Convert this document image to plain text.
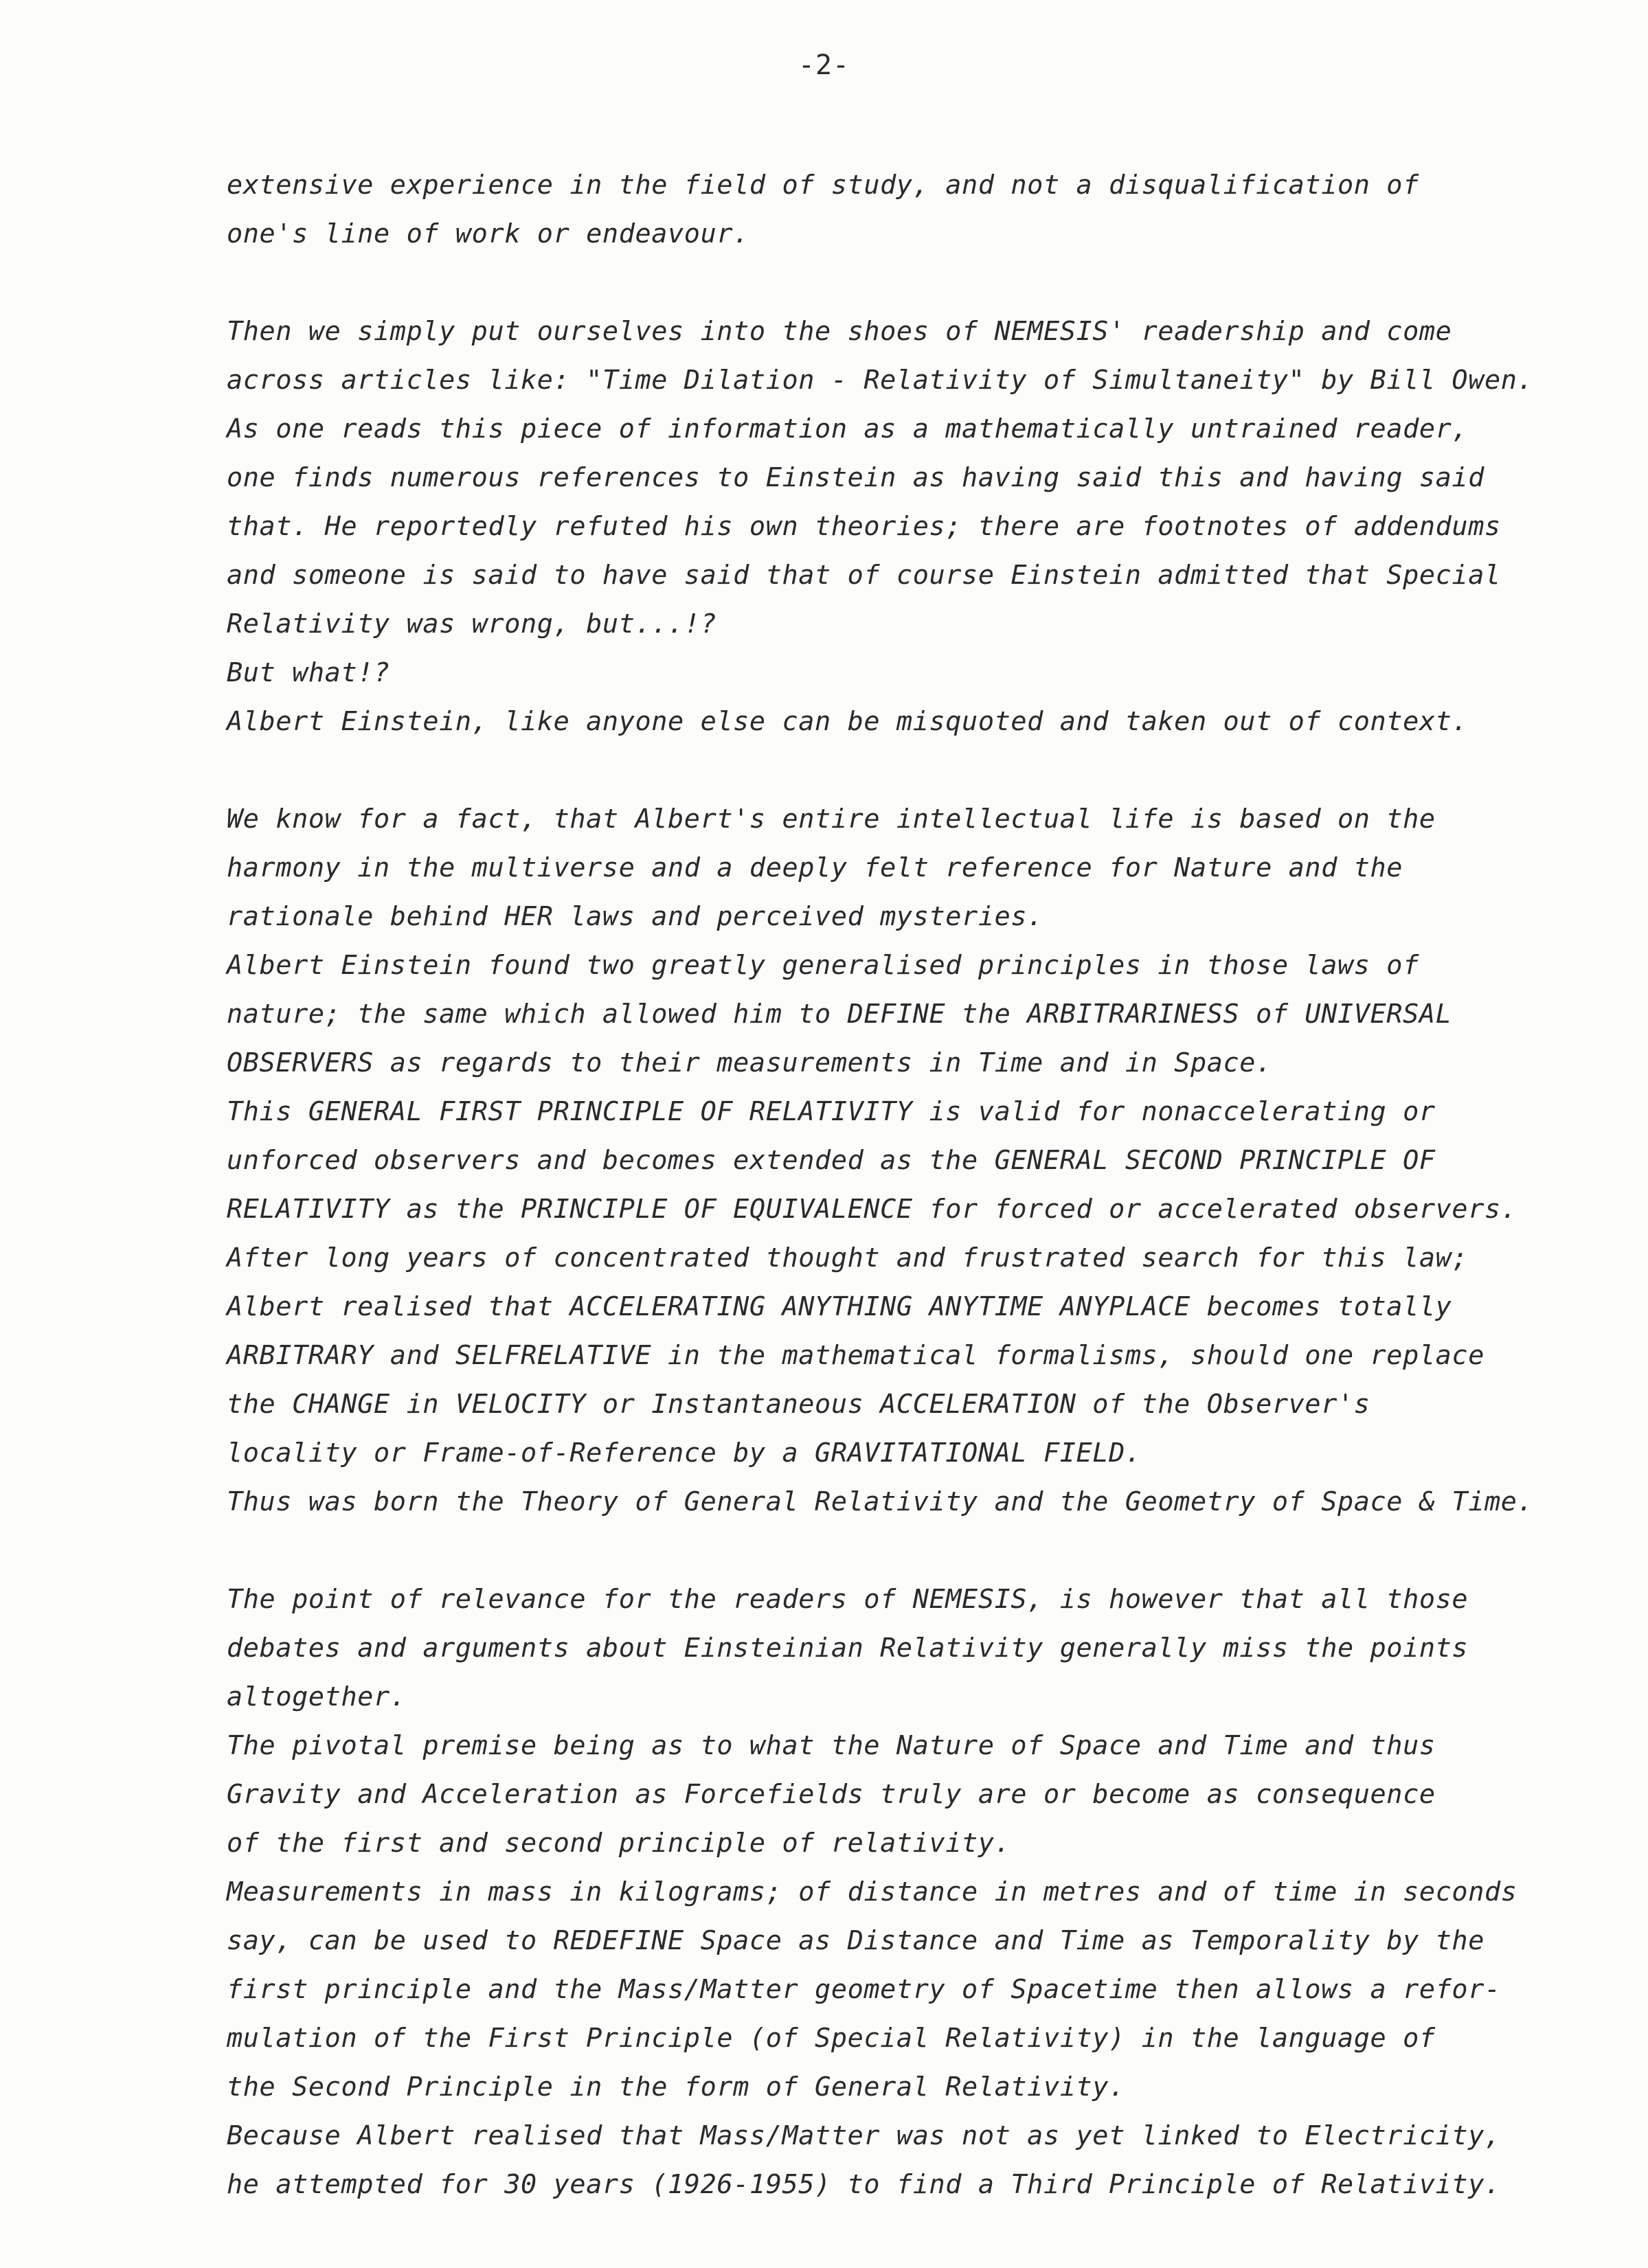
-2-
extensive experience in the field of study, and not a disqualification of
one's line of work or endeavour.
Then we simply put ourselves into the shoes of NEMESIS' readership and come
across articles like: "Time Dilation - Relativity of Simultaneity" by Bill Owen.
As one reads this piece of information as a mathematically untrained reader,
one finds numerous references to Einstein as having said this and having said
that. He reportedly refuted his own theories; there are footnotes of addendums
and someone is said to have said that of course Einstein admitted that Special
Relativity was wrong, but...!?
But what!?
Albert Einstein, like anyone else can be misquoted and taken out of context.
We know for a fact, that Albert's entire intellectual life is based on the
harmony in the multiverse and a deeply felt reference for Nature and the
rationale behind HER laws and perceived mysteries.
Albert Einstein found two greatly generalised principles in those laws of
nature; the same which allowed him to DEFINE the ARBITRARINESS of UNIVERSAL
OBSERVERS as regards to their measurements in Time and in Space.
This GENERAL FIRST PRINCIPLE OF RELATIVITY is valid for nonaccelerating or
unforced observers and becomes extended as the GENERAL SECOND PRINCIPLE OF
RELATIVITY as the PRINCIPLE OF EQUIVALENCE for forced or accelerated observers.
After long years of concentrated thought and frustrated search for this law;
Albert realised that ACCELERATING ANYTHING ANYTIME ANYPLACE becomes totally
ARBITRARY and SELFRELATIVE in the mathematical formalisms, should one replace
the CHANGE in VELOCITY or Instantaneous ACCELERATION of the Observer's
locality or Frame-of-Reference by a GRAVITATIONAL FIELD.
Thus was born the Theory of General Relativity and the Geometry of Space & Time.
The point of relevance for the readers of NEMESIS, is however that all those
debates and arguments about Einsteinian Relativity generally miss the points
altogether.
The pivotal premise being as to what the Nature of Space and Time and thus
Gravity and Acceleration as Forcefields truly are or become as consequence
of the first and second principle of relativity.
Measurements in mass in kilograms; of distance in metres and of time in seconds
say, can be used to REDEFINE Space as Distance and Time as Temporality by the
first principle and the Mass/Matter geometry of Spacetime then allows a refor-
mulation of the First Principle (of Special Relativity) in the language of
the Second Principle in the form of General Relativity.
Because Albert realised that Mass/Matter was not as yet linked to Electricity,
he attempted for 30 years (1926-1955) to find a Third Principle of Relativity.
